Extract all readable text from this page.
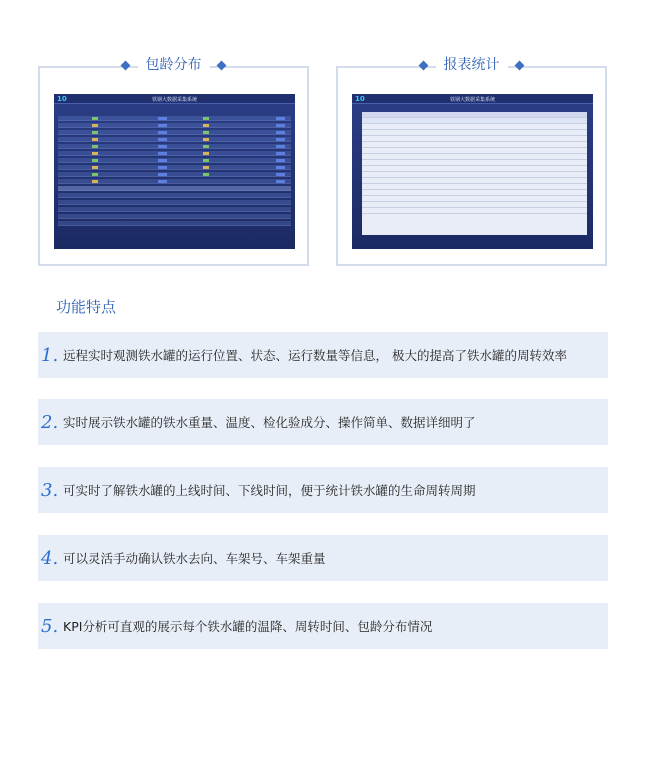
包龄分布
10	铁钢大数据采集系统
报表统计
10	铁钢大数据采集系统
功能特点
1. 远程实时观测铁水罐的运行位置、状态、运行数量等信息， 极大的提高了铁水罐的周转效率
2. 实时展示铁水罐的铁水重量、温度、检化验成分、操作简单、数据详细明了
3. 可实时了解铁水罐的上线时间、下线时间，便于统计铁水罐的生命周转周期
4. 可以灵活手动确认铁水去向、车架号、车架重量
5. KPI分析可直观的展示每个铁水罐的温降、周转时间、包龄分布情况
